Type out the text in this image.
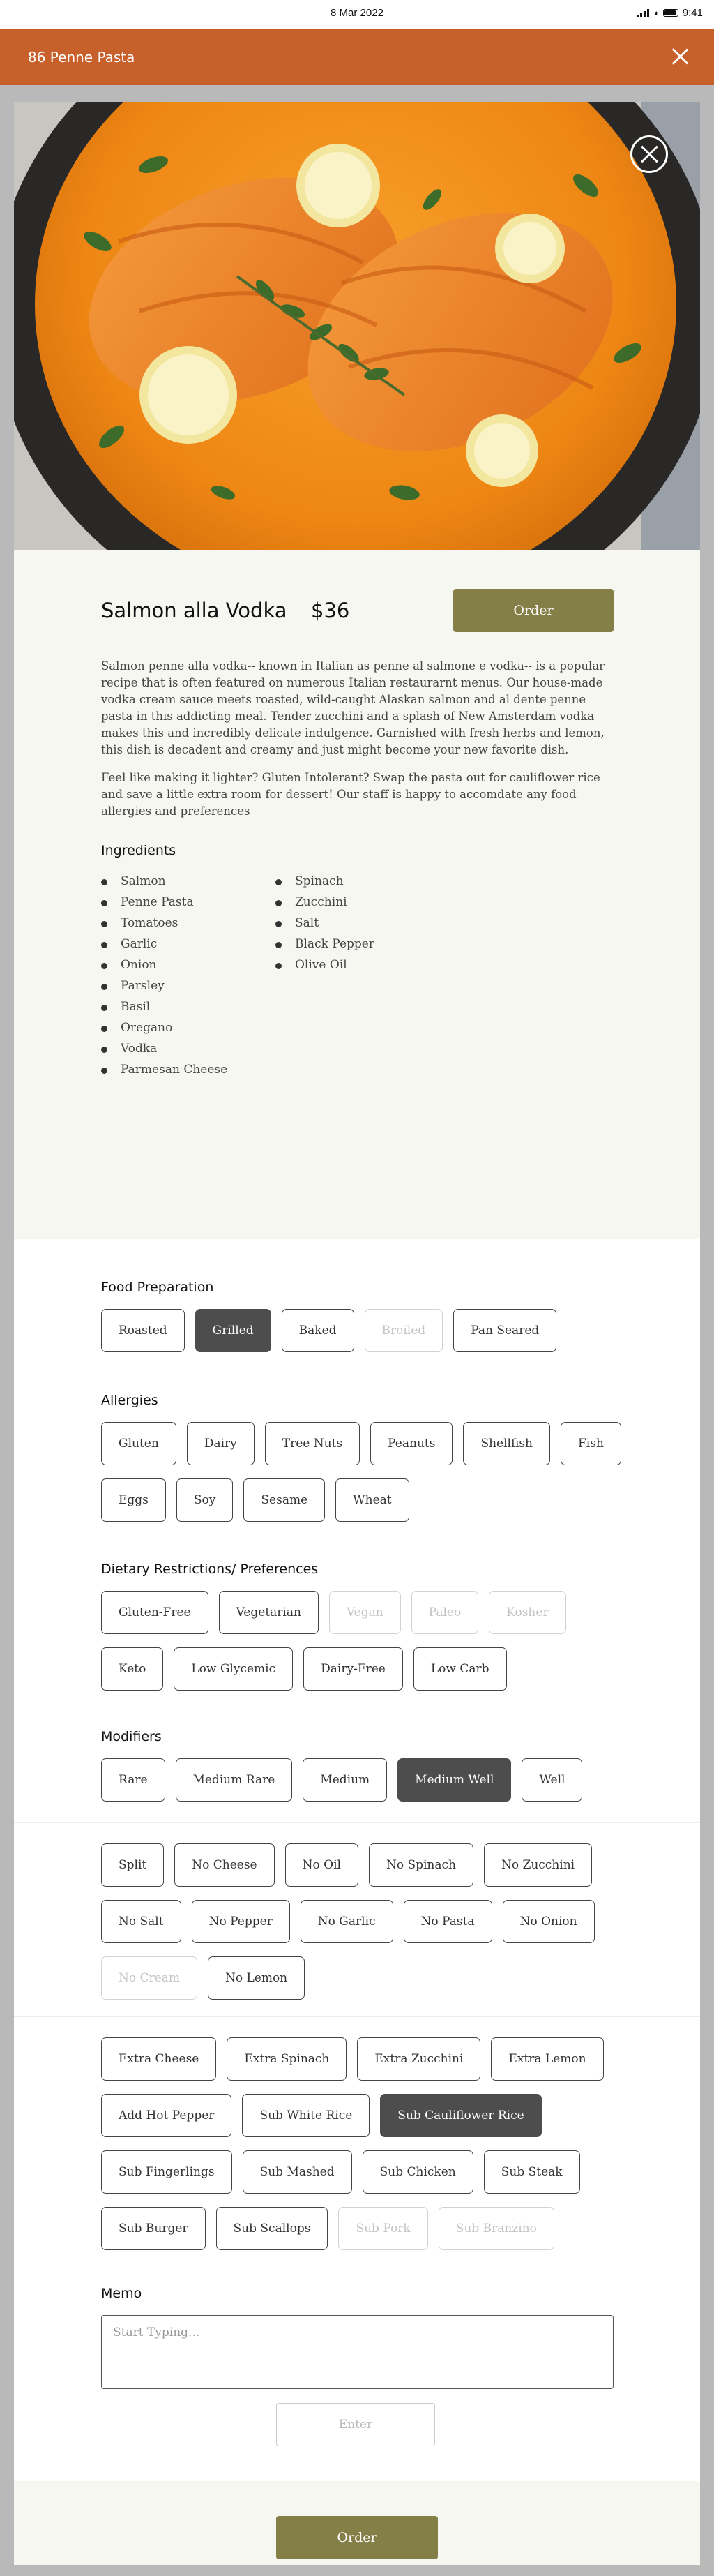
8 Mar 2022	◖ 9:41
86 Penne Pasta
Salmon alla Vodka $36	Order

Salmon penne alla vodka-- known in Italian as penne al salmone e vodka-- is a popular recipe that is often featured on numerous Italian restaurarnt menus. Our house-made vodka cream sauce meets roasted, wild-caught Alaskan salmon and al dente penne pasta in this addicting meal. Tender zucchini and a splash of New Amsterdam vodka makes this and incredibly delicate indulgence. Garnished with fresh herbs and lemon, this dish is decadent and creamy and just might become your new favorite dish.

Feel like making it lighter? Gluten Intolerant? Swap the pasta out for cauliflower rice and save a little extra room for dessert! Our staff is happy to accomdate any food allergies and preferences

Ingredients
Salmon
Penne Pasta
Tomatoes
Garlic
Onion
Parsley
Basil
Oregano
Vodka
Parmesan Cheese
Spinach
Zucchini
Salt
Black Pepper
Olive Oil
Food Preparation
Roasted	Grilled	Baked	Broiled	Pan Seared
Allergies
Gluten	Dairy	Tree Nuts	Peanuts	Shellfish	Fish
Eggs	Soy	Sesame	Wheat
Dietary Restrictions/ Preferences
Gluten-Free	Vegetarian	Vegan	Paleo	Kosher
Keto	Low Glycemic	Dairy-Free	Low Carb
Modifiers
Rare	Medium Rare	Medium	Medium Well	Well
Split	No Cheese	No Oil	No Spinach	No Zucchini
No Salt	No Pepper	No Garlic	No Pasta	No Onion
No Cream	No Lemon
Extra Cheese	Extra Spinach	Extra Zucchini	Extra Lemon
Add Hot Pepper	Sub White Rice	Sub Cauliflower Rice
Sub Fingerlings	Sub Mashed	Sub Chicken	Sub Steak
Sub Burger	Sub Scallops	Sub Pork	Sub Branzino
Memo
Start Typing...
Enter
Order
